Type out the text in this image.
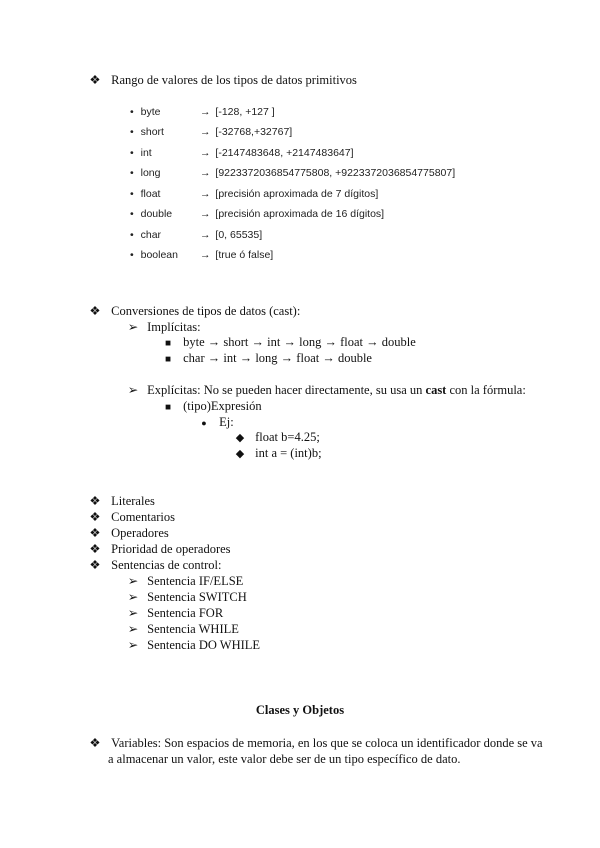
❖ Rango de valores de los tipos de datos primitivos
• byte	→ [-128, +127 ]
• short	→ [-32768,+32767]
• int	→ [-2147483648, +2147483647]
• long	→ [9223372036854775808, +9223372036854775807]
• float	→ [precisión aproximada de 7 dígitos]
• double	→ [precisión aproximada de 16 dígitos]
• char	→ [0, 65535]
• boolean → [true ó false]
❖ Conversiones de tipos de datos (cast):
➢ Implícitas:
■ byte → short → int → long → float → double
■ char → int → long → float → double
➢ Explícitas: No se pueden hacer directamente, su usa un cast con la fórmula:
■ (tipo)Expresión
● Ej:
◆ float b=4.25;
◆ int a = (int)b;
❖ Literales
❖ Comentarios
❖ Operadores
❖ Prioridad de operadores
❖ Sentencias de control:
➢ Sentencia IF/ELSE
➢ Sentencia SWITCH
➢ Sentencia FOR
➢ Sentencia WHILE
➢ Sentencia DO WHILE
Clases y Objetos
❖ Variables: Son espacios de memoria, en los que se coloca un identificador donde se va
a almacenar un valor, este valor debe ser de un tipo específico de dato.
